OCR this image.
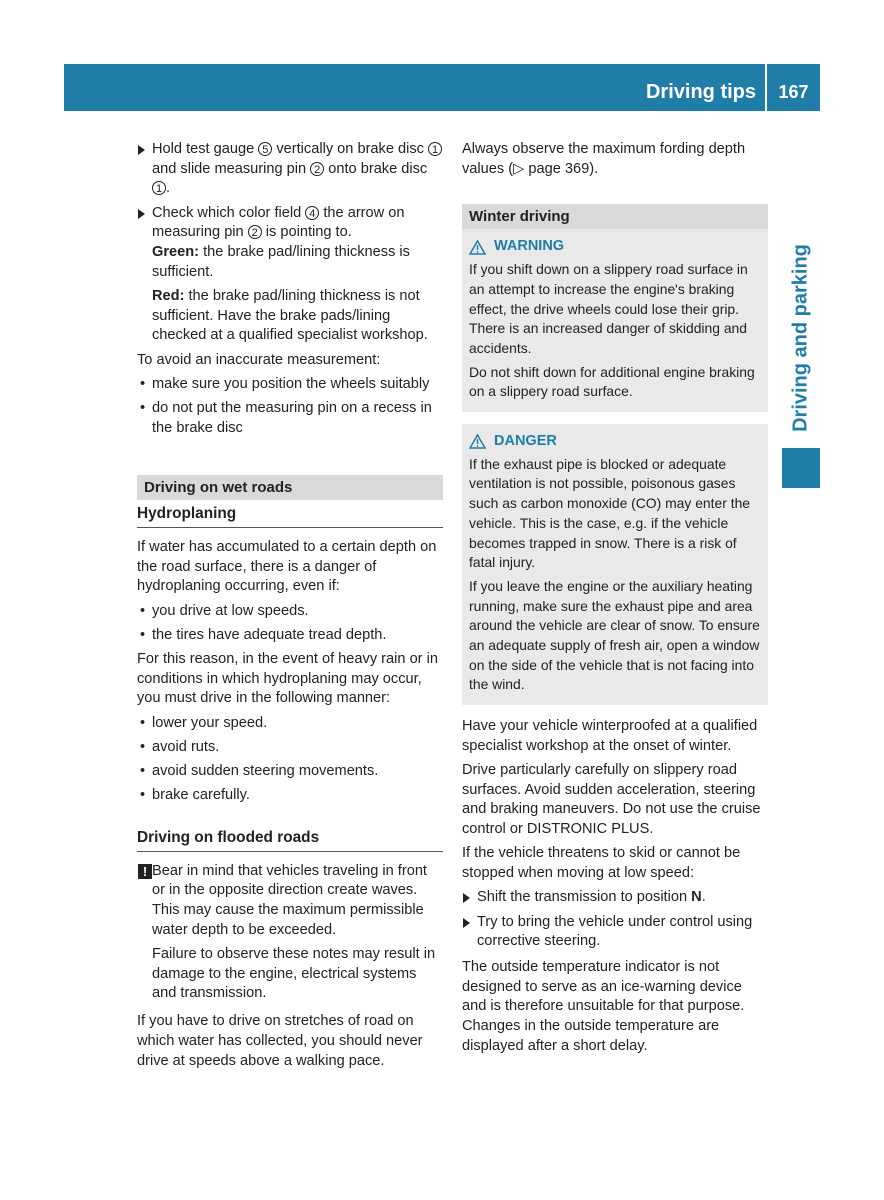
Driving tips	167
Driving and parking
Hold test gauge 5 vertically on brake disc 1 and slide measuring pin 2 onto brake disc 1 .
Check which color field 4 the arrow on measuring pin 2 is pointing to.
Green: the brake pad/lining thickness is sufficient.
Red: the brake pad/lining thickness is not sufficient. Have the brake pads/lining checked at a qualified specialist workshop.

To avoid an inaccurate measurement:

• make sure you position the wheels suitably
• do not put the measuring pin on a recess in the brake disc
Driving on wet roads
Hydroplaning

If water has accumulated to a certain depth on the road surface, there is a danger of hydroplaning occurring, even if:

• you drive at low speeds.
• the tires have adequate tread depth.

For this reason, in the event of heavy rain or in conditions in which hydroplaning may occur, you must drive in the following manner:

• lower your speed.
• avoid ruts.
• avoid sudden steering movements.
• brake carefully.
Driving on flooded roads
! Bear in mind that vehicles traveling in front or in the opposite direction create waves. This may cause the maximum permissible water depth to be exceeded.
Failure to observe these notes may result in damage to the engine, electrical systems and transmission.

If you have to drive on stretches of road on which water has collected, you should never drive at speeds above a walking pace.

Always observe the maximum fording depth values (▷ page 369).

Winter driving
WARNING

If you shift down on a slippery road surface in an attempt to increase the engine's braking effect, the drive wheels could lose their grip. There is an increased danger of skidding and accidents.

Do not shift down for additional engine braking on a slippery road surface.

DANGER

If the exhaust pipe is blocked or adequate ventilation is not possible, poisonous gases such as carbon monoxide (CO) may enter the vehicle. This is the case, e.g. if the vehicle becomes trapped in snow. There is a risk of fatal injury.

If you leave the engine or the auxiliary heating running, make sure the exhaust pipe and area around the vehicle are clear of snow. To ensure an adequate supply of fresh air, open a window on the side of the vehicle that is not facing into the wind.

Have your vehicle winterproofed at a qualified specialist workshop at the onset of winter.

Drive particularly carefully on slippery road surfaces. Avoid sudden acceleration, steering and braking maneuvers. Do not use the cruise control or DISTRONIC PLUS.

If the vehicle threatens to skid or cannot be stopped when moving at low speed:

Shift the transmission to position N.
Try to bring the vehicle under control using corrective steering.

The outside temperature indicator is not designed to serve as an ice-warning device and is therefore unsuitable for that purpose. Changes in the outside temperature are displayed after a short delay.
